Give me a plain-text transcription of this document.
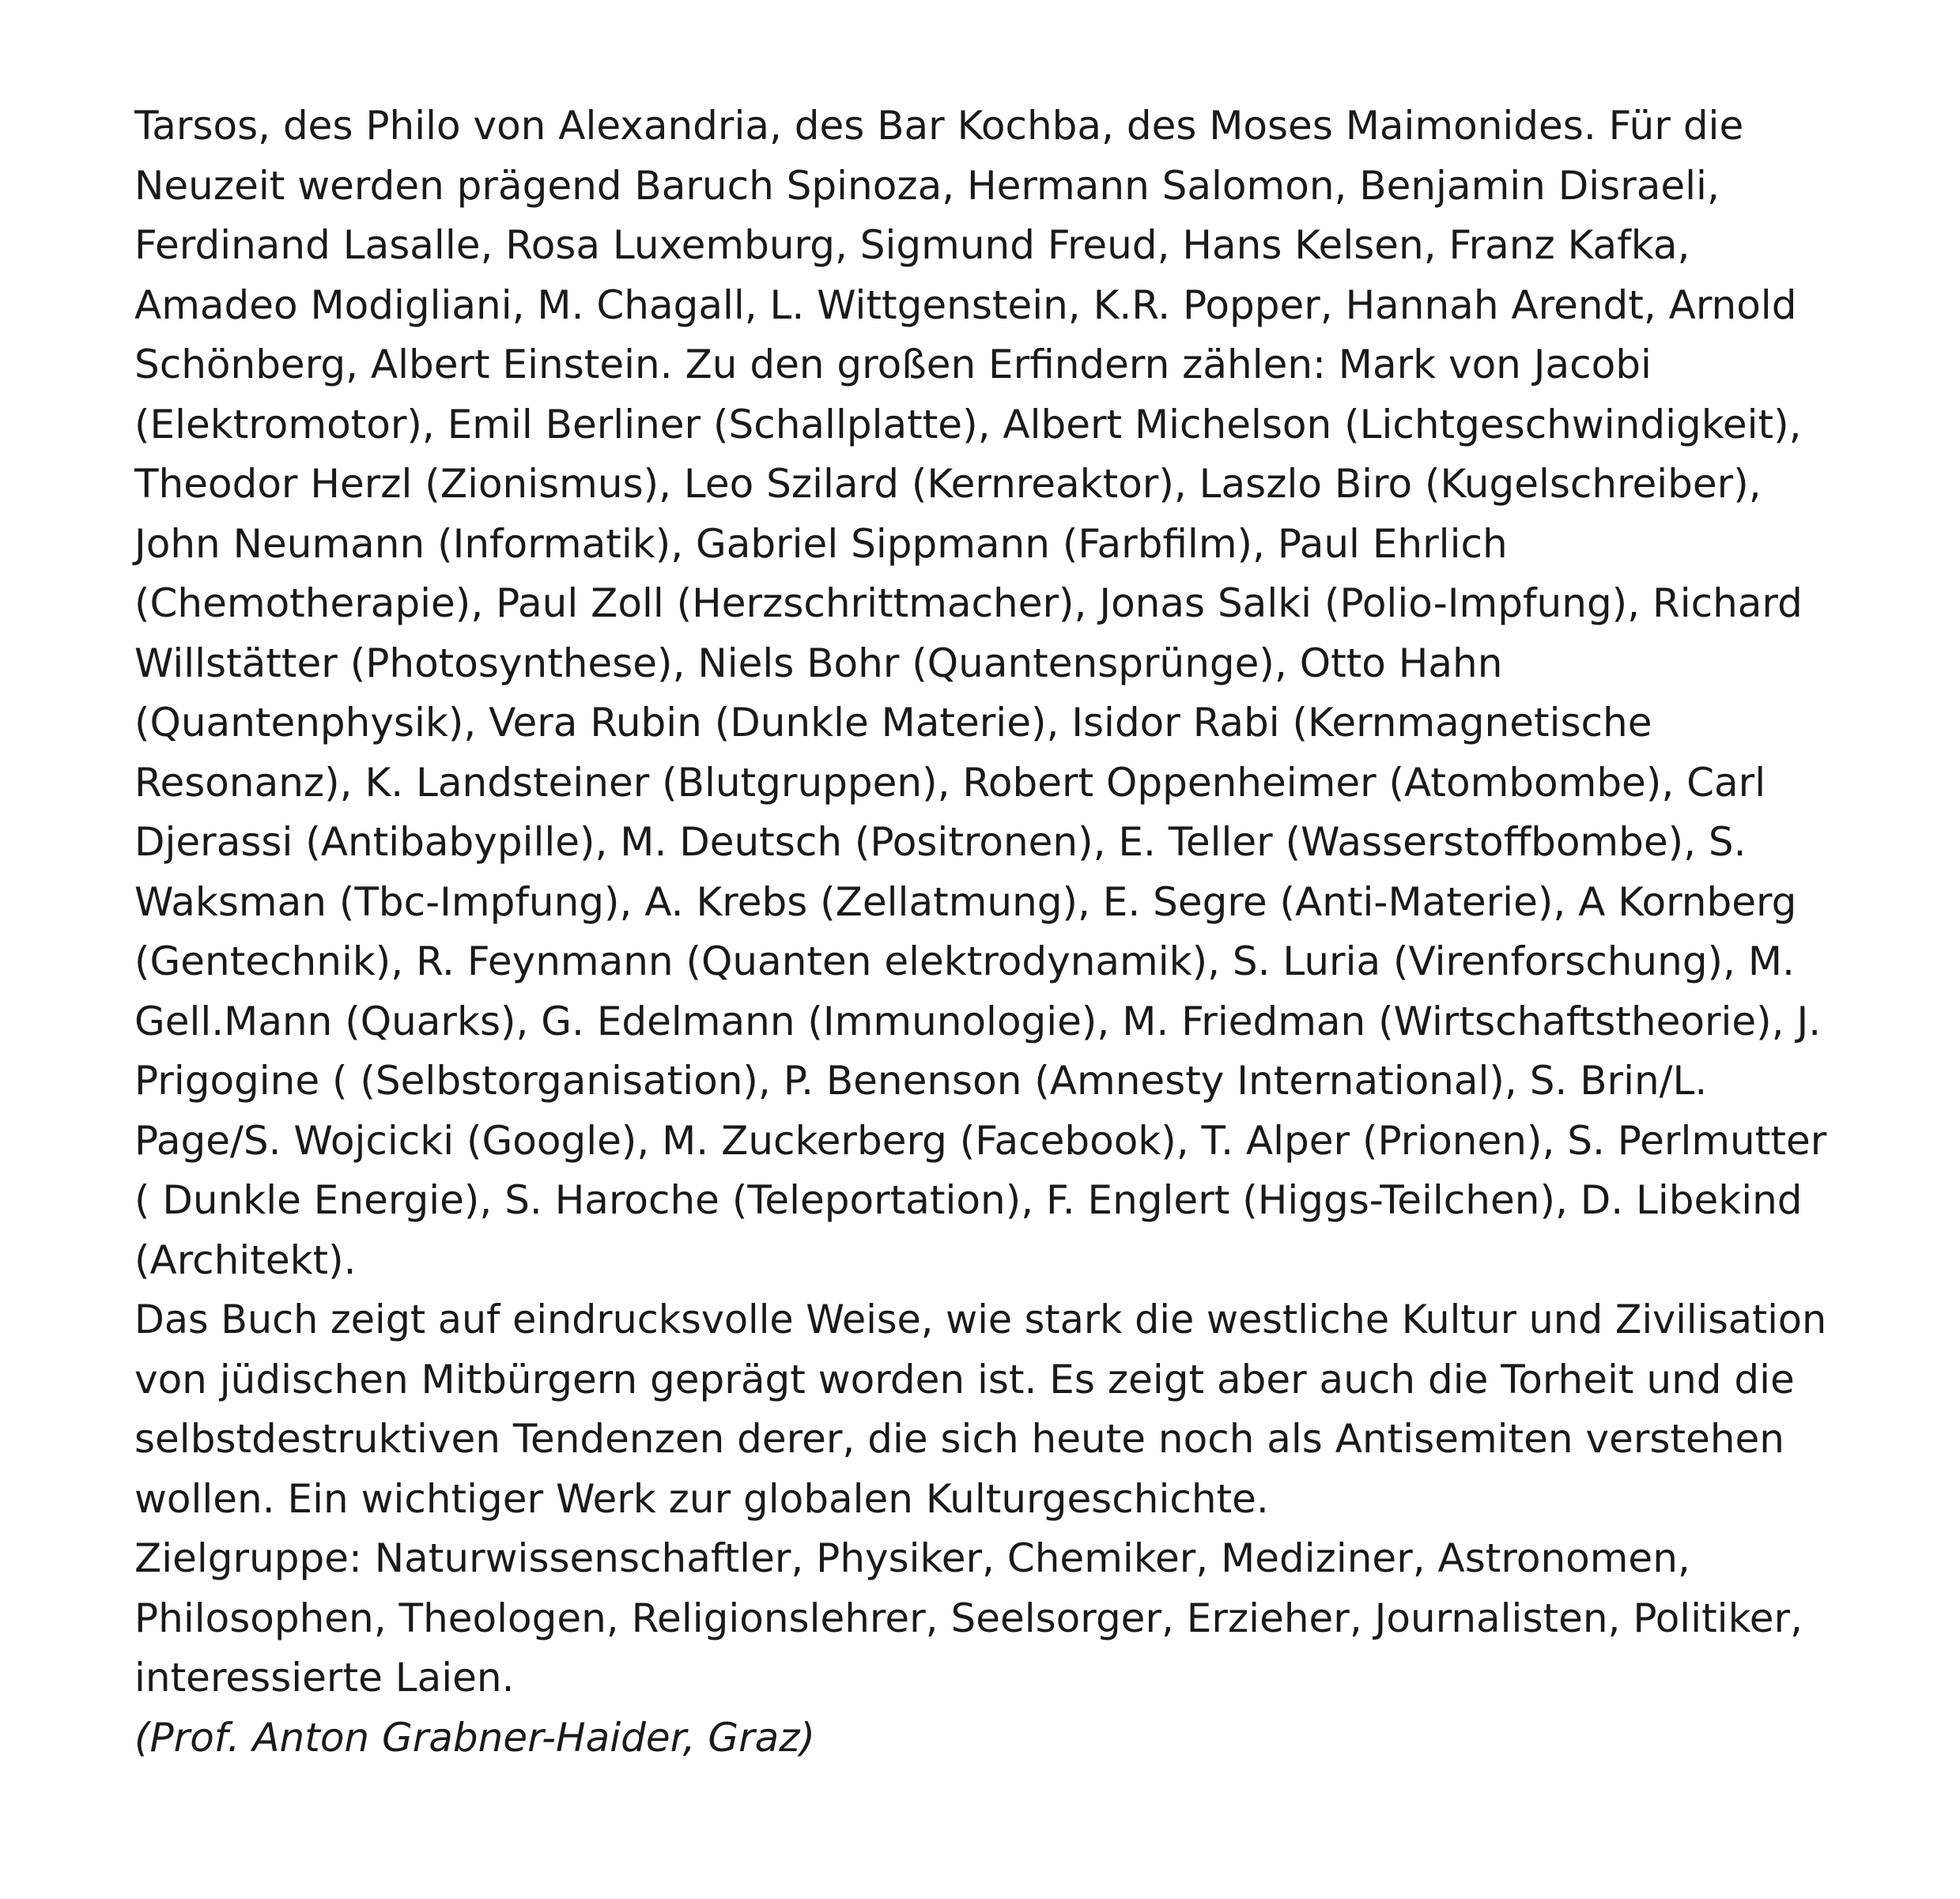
Tarsos, des Philo von Alexandria, des Bar Kochba, des Moses Maimonides. Für die
Neuzeit werden prägend Baruch Spinoza, Hermann Salomon, Benjamin Disraeli,
Ferdinand Lasalle, Rosa Luxemburg, Sigmund Freud, Hans Kelsen, Franz Kafka,
Amadeo Modigliani, M. Chagall, L. Wittgenstein, K.R. Popper, Hannah Arendt, Arnold
Schönberg, Albert Einstein. Zu den großen Erfindern zählen: Mark von Jacobi
(Elektromotor), Emil Berliner (Schallplatte), Albert Michelson (Lichtgeschwindigkeit),
Theodor Herzl (Zionismus), Leo Szilard (Kernreaktor), Laszlo Biro (Kugelschreiber),
John Neumann (Informatik), Gabriel Sippmann (Farbfilm), Paul Ehrlich
(Chemotherapie), Paul Zoll (Herzschrittmacher), Jonas Salki (Polio-Impfung), Richard
Willstätter (Photosynthese), Niels Bohr (Quantensprünge), Otto Hahn
(Quantenphysik), Vera Rubin (Dunkle Materie), Isidor Rabi (Kernmagnetische
Resonanz), K. Landsteiner (Blutgruppen), Robert Oppenheimer (Atombombe), Carl
Djerassi (Antibabypille), M. Deutsch (Positronen), E. Teller (Wasserstoffbombe), S.
Waksman (Tbc-Impfung), A. Krebs (Zellatmung), E. Segre (Anti-Materie), A Kornberg
(Gentechnik), R. Feynmann (Quanten elektrodynamik), S. Luria (Virenforschung), M.
Gell.Mann (Quarks), G. Edelmann (Immunologie), M. Friedman (Wirtschaftstheorie), J.
Prigogine ( (Selbstorganisation), P. Benenson (Amnesty International), S. Brin/L.
Page/S. Wojcicki (Google), M. Zuckerberg (Facebook), T. Alper (Prionen), S. Perlmutter
( Dunkle Energie), S. Haroche (Teleportation), F. Englert (Higgs-Teilchen), D. Libekind
(Architekt).
Das Buch zeigt auf eindrucksvolle Weise, wie stark die westliche Kultur und Zivilisation
von jüdischen Mitbürgern geprägt worden ist. Es zeigt aber auch die Torheit und die
selbstdestruktiven Tendenzen derer, die sich heute noch als Antisemiten verstehen
wollen. Ein wichtiger Werk zur globalen Kulturgeschichte.
Zielgruppe: Naturwissenschaftler, Physiker, Chemiker, Mediziner, Astronomen,
Philosophen, Theologen, Religionslehrer, Seelsorger, Erzieher, Journalisten, Politiker,
interessierte Laien.
(Prof. Anton Grabner-Haider, Graz)
